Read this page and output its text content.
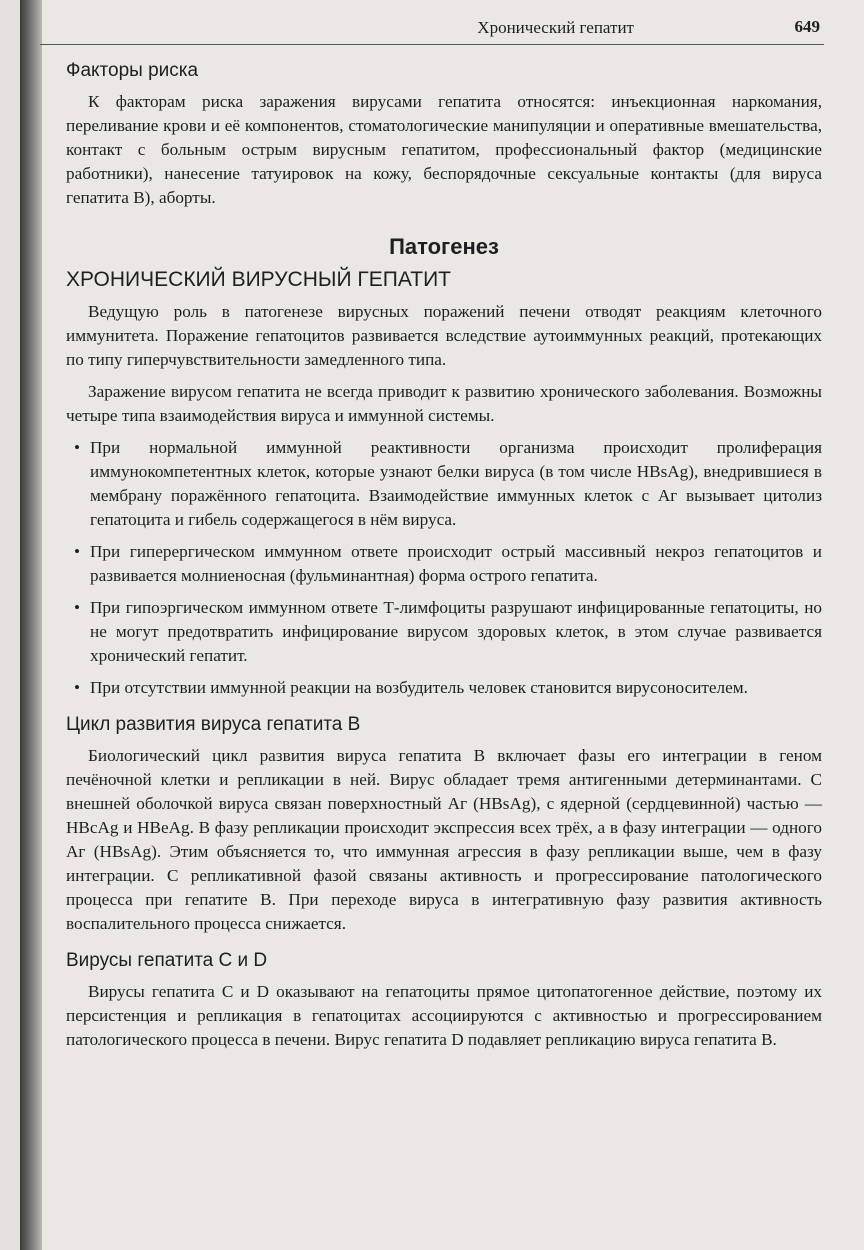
Хронический гепатит	649
Факторы риска

К факторам риска заражения вирусами гепатита относятся: инъекционная наркомания, переливание крови и её компонентов, стоматологические манипуляции и оперативные вмешательства, контакт с больным острым вирусным гепатитом, профессиональный фактор (медицинские работники), нанесение татуировок на кожу, беспорядочные сексуальные контакты (для вируса гепатита B), аборты.

Патогенез
ХРОНИЧЕСКИЙ ВИРУСНЫЙ ГЕПАТИТ

Ведущую роль в патогенезе вирусных поражений печени отводят реакциям клеточного иммунитета. Поражение гепатоцитов развивается вследствие аутоиммунных реакций, протекающих по типу гиперчувствительности замедленного типа.

Заражение вирусом гепатита не всегда приводит к развитию хронического заболевания. Возможны четыре типа взаимодействия вируса и иммунной системы.

• При нормальной иммунной реактивности организма происходит пролиферация иммунокомпетентных клеток, которые узнают белки вируса (в том числе HBsAg), внедрившиеся в мембрану поражённого гепатоцита. Взаимодействие иммунных клеток с Аг вызывает цитолиз гепатоцита и гибель содержащегося в нём вируса.
• При гиперергическом иммунном ответе происходит острый массивный некроз гепатоцитов и развивается молниеносная (фульминантная) форма острого гепатита.
• При гипоэргическом иммунном ответе Т-лимфоциты разрушают инфицированные гепатоциты, но не могут предотвратить инфицирование вирусом здоровых клеток, в этом случае развивается хронический гепатит.
• При отсутствии иммунной реакции на возбудитель человек становится вирусоносителем.
Цикл развития вируса гепатита B

Биологический цикл развития вируса гепатита B включает фазы его интеграции в геном печёночной клетки и репликации в ней. Вирус обладает тремя антигенными детерминантами. С внешней оболочкой вируса связан поверхностный Аг (HBsAg), с ядерной (сердцевинной) частью — HBcAg и HBeAg. В фазу репликации происходит экспрессия всех трёх, а в фазу интеграции — одного Аг (HBsAg). Этим объясняется то, что иммунная агрессия в фазу репликации выше, чем в фазу интеграции. С репликативной фазой связаны активность и прогрессирование патологического процесса при гепатите B. При переходе вируса в интегративную фазу развития активность воспалительного процесса снижается.

Вирусы гепатита C и D

Вирусы гепатита C и D оказывают на гепатоциты прямое цитопатогенное действие, поэтому их персистенция и репликация в гепатоцитах ассоциируются с активностью и прогрессированием патологического процесса в печени. Вирус гепатита D подавляет репликацию вируса гепатита B.
